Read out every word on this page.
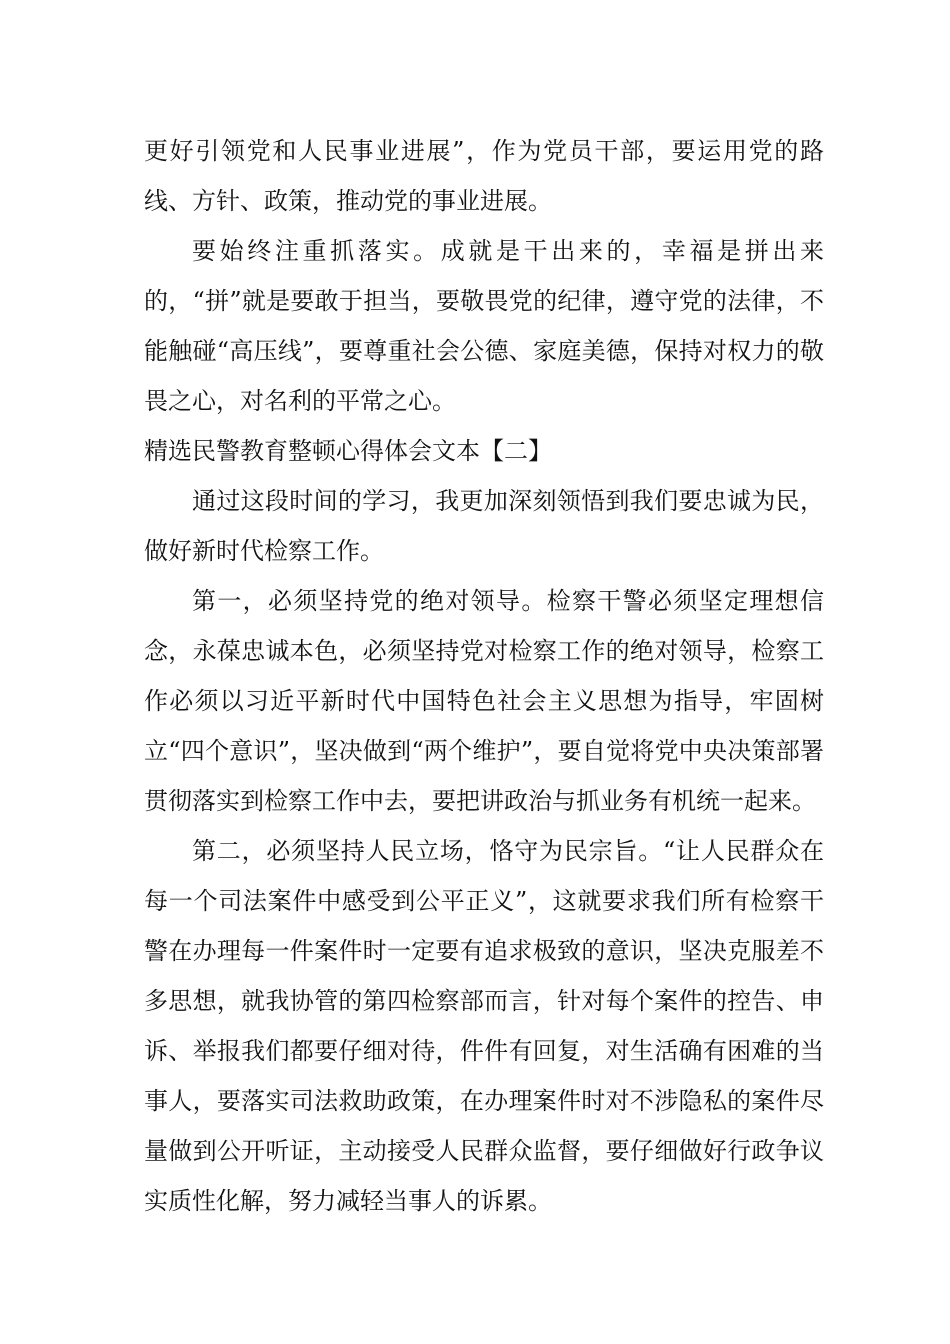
更好引领党和人民事业进展”，作为党员干部，要运用党的路线、方针、政策，推动党的事业进展。

要始终注重抓落实。成就是干出来的，幸福是拼出来的，“拼”就是要敢于担当，要敬畏党的纪律，遵守党的法律，不能触碰“高压线”，要尊重社会公德、家庭美德，保持对权力的敬畏之心，对名利的平常之心。

精选民警教育整顿心得体会文本【二】

通过这段时间的学习，我更加深刻领悟到我们要忠诚为民，做好新时代检察工作。

第一，必须坚持党的绝对领导。检察干警必须坚定理想信念，永葆忠诚本色，必须坚持党对检察工作的绝对领导，检察工作必须以习近平新时代中国特色社会主义思想为指导，牢固树立“四个意识”，坚决做到“两个维护”，要自觉将党中央决策部署贯彻落实到检察工作中去，要把讲政治与抓业务有机统一起来。

第二，必须坚持人民立场，恪守为民宗旨。“让人民群众在每一个司法案件中感受到公平正义”，这就要求我们所有检察干警在办理每一件案件时一定要有追求极致的意识，坚决克服差不多思想，就我协管的第四检察部而言，针对每个案件的控告、申诉、举报我们都要仔细对待，件件有回复，对生活确有困难的当事人，要落实司法救助政策，在办理案件时对不涉隐私的案件尽量做到公开听证，主动接受人民群众监督，要仔细做好行政争议实质性化解，努力减轻当事人的诉累。
